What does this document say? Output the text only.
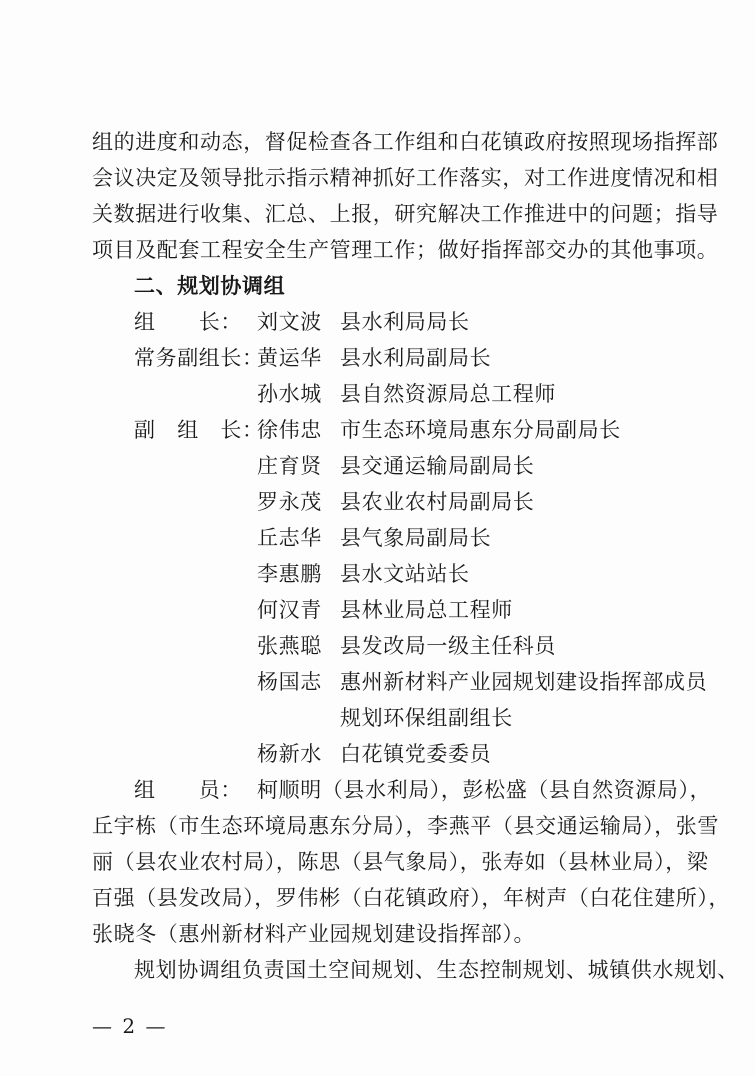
组的进度和动态，督促检查各工作组和白花镇政府按照现场指挥部
会议决定及领导批示指示精神抓好工作落实，对工作进度情况和相
关数据进行收集、汇总、上报，研究解决工作推进中的问题；指导
项目及配套工程安全生产管理工作；做好指挥部交办的其他事项。
二、规划协调组
组　　长： 刘文波 县水利局局长
常务副组长：
黄运华 县水利局副局长
孙水城 县自然资源局总工程师
副　组　长：
徐伟忠 市生态环境局惠东分局副局长
庄育贤 县交通运输局副局长
罗永茂 县农业农村局副局长
丘志华 县气象局副局长
李惠鹏 县水文站站长
何汉青 县林业局总工程师
张燕聪 县发改局一级主任科员
杨国志 惠州新材料产业园规划建设指挥部成员
规划环保组副组长
杨新水 白花镇党委委员
组　　员： 柯顺明（县水利局），彭松盛（县自然资源局），
丘宇栋（市生态环境局惠东分局），李燕平（县交通运输局），张雪
丽（县农业农村局），陈思（县气象局），张寿如（县林业局），梁
百强（县发改局），罗伟彬（白花镇政府），年树声（白花住建所），
张晓冬（惠州新材料产业园规划建设指挥部）。
规划协调组负责国土空间规划、生态控制规划、城镇供水规划、
— 2 —
